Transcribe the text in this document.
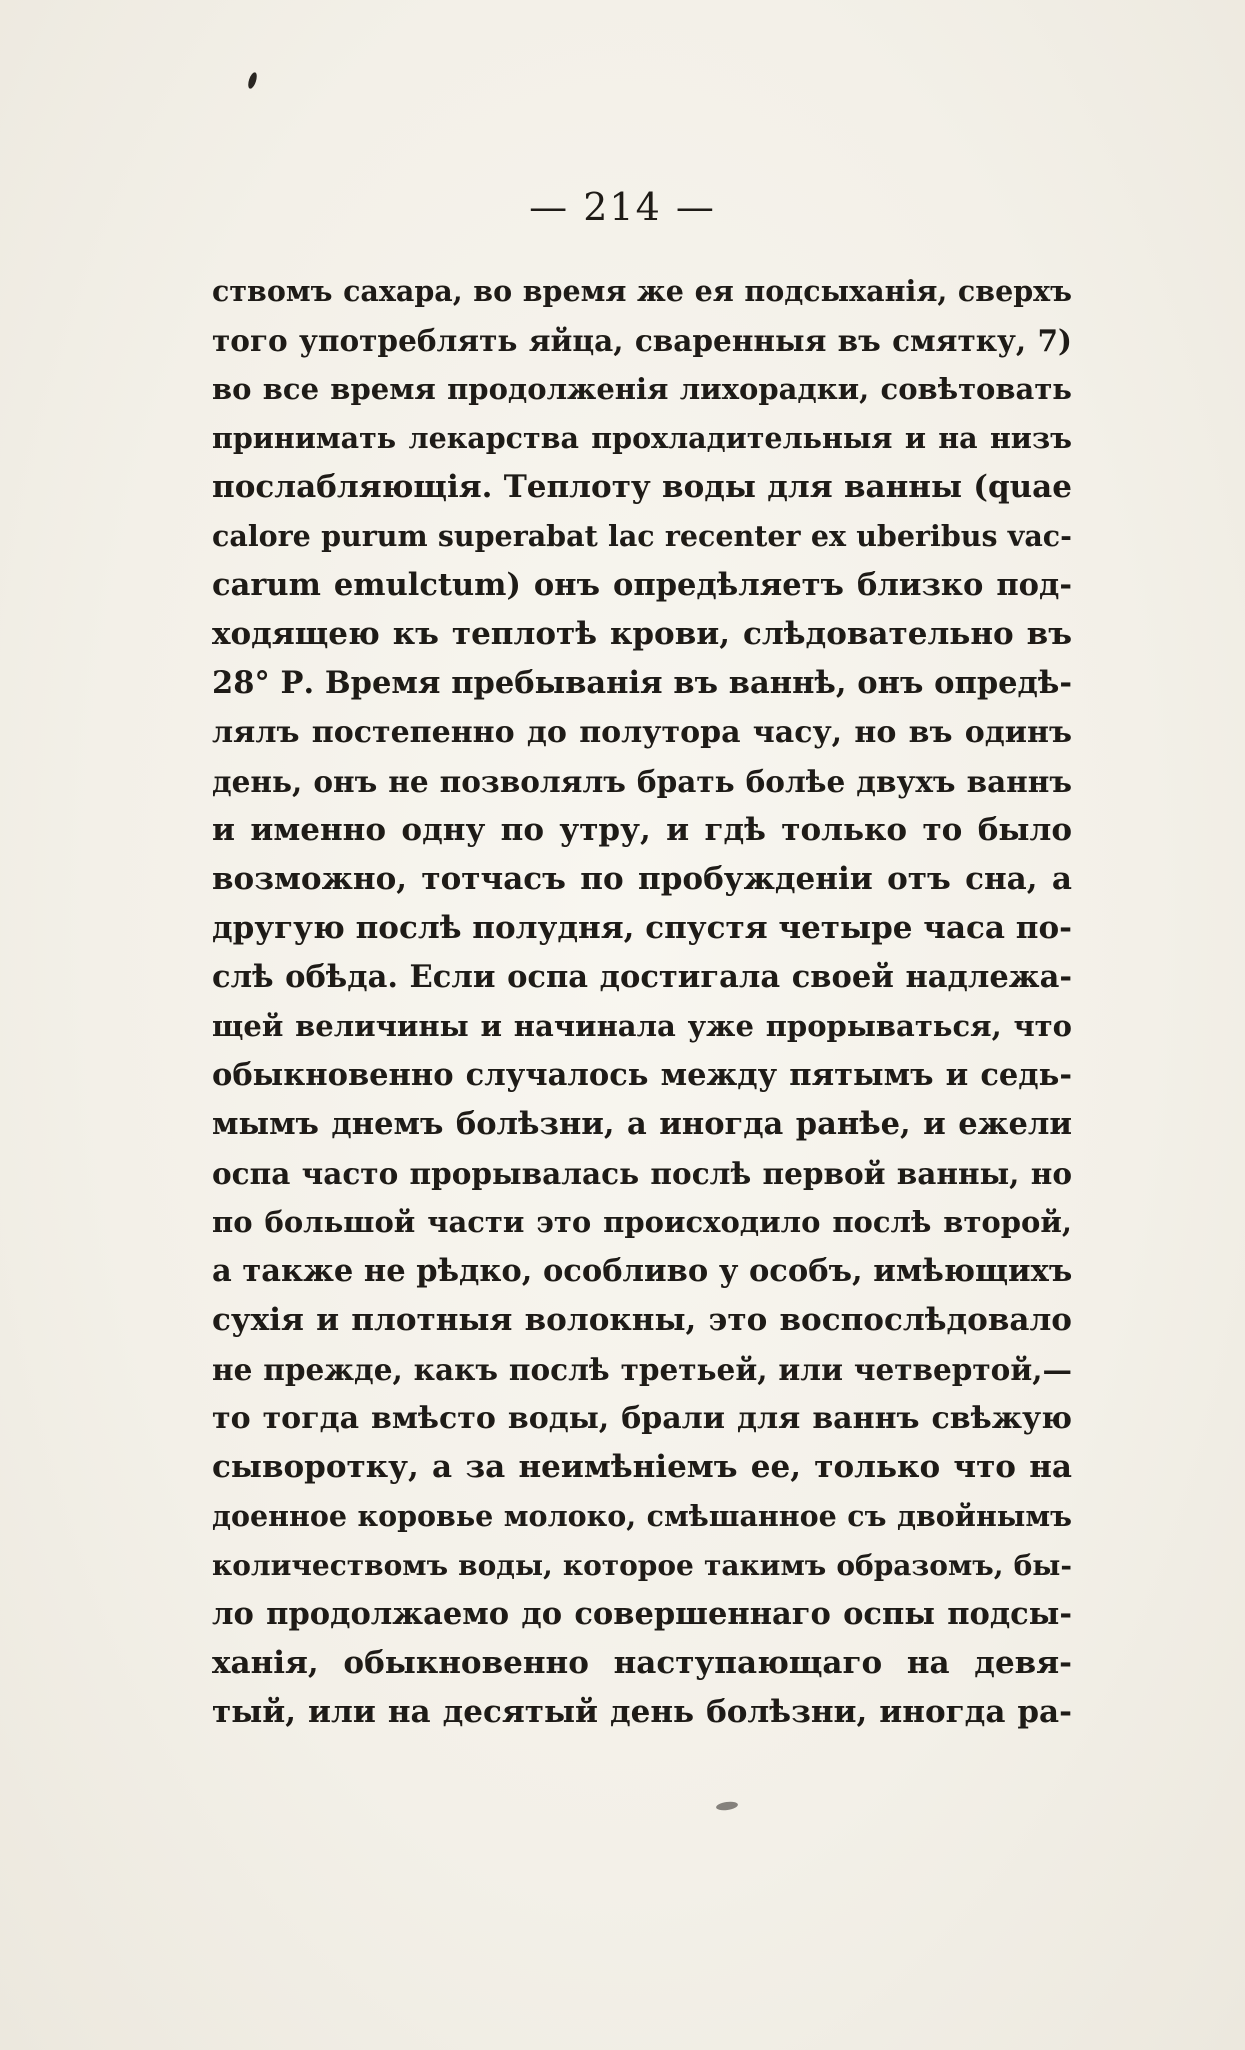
— 214 —
ствомъ сахара, во время же ея подсыханія, сверхъ
того употреблять яйца, сваренныя въ смятку, 7)
во все время продолженія лихорадки, совѣтовать
принимать лекарства прохладительныя и на низъ
послабляющія. Теплоту воды для ванны (quae
calore purum superabat lac recenter ex uberibus vac-
carum emulctum) онъ опредѣляетъ близко под-
ходящею къ теплотѣ крови, слѣдовательно въ
28° Р. Время пребыванія въ ваннѣ, онъ опредѣ-
лялъ постепенно до полутора часу, но въ одинъ
день, онъ не позволялъ брать болѣе двухъ ваннъ
и именно одну по утру, и гдѣ только то было
возможно, тотчасъ по пробужденіи отъ сна, а
другую послѣ полудня, спустя четыре часа по-
слѣ обѣда. Если оспа достигала своей надлежа-
щей величины и начинала уже прорываться, что
обыкновенно случалось между пятымъ и седь-
мымъ днемъ болѣзни, а иногда ранѣе, и ежели
оспа часто прорывалась послѣ первой ванны, но
по большой части это происходило послѣ второй,
а также не рѣдко, особливо у особъ, имѣющихъ
сухія и плотныя волокны, это воспослѣдовало
не прежде, какъ послѣ третьей, или четвертой,—
то тогда вмѣсто воды, брали для ваннъ свѣжую
сыворотку, а за неимѣніемъ ее, только что на
доенное коровье молоко, смѣшанное съ двойнымъ
количествомъ воды, которое такимъ образомъ, бы-
ло продолжаемо до совершеннаго оспы подсы-
ханія, обыкновенно наступающаго на девя-
тый, или на десятый день болѣзни, иногда ра-
